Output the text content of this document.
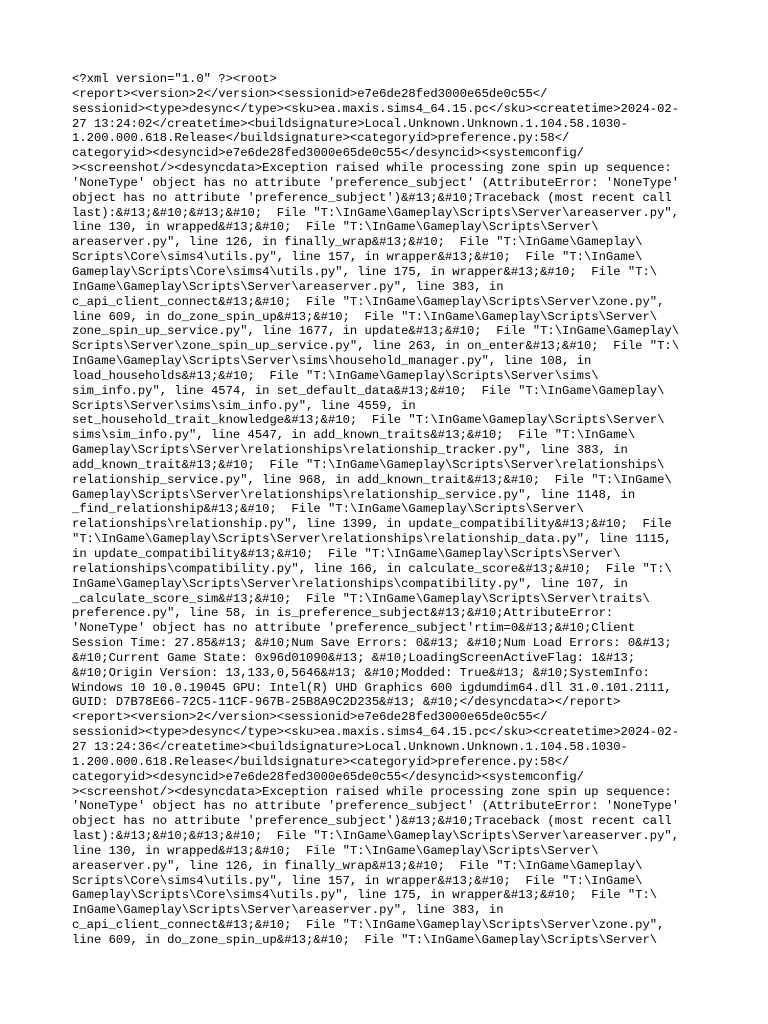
<?xml version="1.0" ?><root>
<report><version>2</version><sessionid>e7e6de28fed3000e65de0c55</
sessionid><type>desync</type><sku>ea.maxis.sims4_64.15.pc</sku><createtime>2024-02-
27 13:24:02</createtime><buildsignature>Local.Unknown.Unknown.1.104.58.1030-
1.200.000.618.Release</buildsignature><categoryid>preference.py:58</
categoryid><desyncid>e7e6de28fed3000e65de0c55</desyncid><systemconfig/
><screenshot/><desyncdata>Exception raised while processing zone spin up sequence:
'NoneType' object has no attribute 'preference_subject' (AttributeError: 'NoneType'
object has no attribute 'preference_subject')&#13;&#10;Traceback (most recent call
last):&#13;&#10;&#13;&#10;  File "T:\InGame\Gameplay\Scripts\Server\areaserver.py",
line 130, in wrapped&#13;&#10;  File "T:\InGame\Gameplay\Scripts\Server\
areaserver.py", line 126, in finally_wrap&#13;&#10;  File "T:\InGame\Gameplay\
Scripts\Core\sims4\utils.py", line 157, in wrapper&#13;&#10;  File "T:\InGame\
Gameplay\Scripts\Core\sims4\utils.py", line 175, in wrapper&#13;&#10;  File "T:\
InGame\Gameplay\Scripts\Server\areaserver.py", line 383, in
c_api_client_connect&#13;&#10;  File "T:\InGame\Gameplay\Scripts\Server\zone.py",
line 609, in do_zone_spin_up&#13;&#10;  File "T:\InGame\Gameplay\Scripts\Server\
zone_spin_up_service.py", line 1677, in update&#13;&#10;  File "T:\InGame\Gameplay\
Scripts\Server\zone_spin_up_service.py", line 263, in on_enter&#13;&#10;  File "T:\
InGame\Gameplay\Scripts\Server\sims\household_manager.py", line 108, in
load_households&#13;&#10;  File "T:\InGame\Gameplay\Scripts\Server\sims\
sim_info.py", line 4574, in set_default_data&#13;&#10;  File "T:\InGame\Gameplay\
Scripts\Server\sims\sim_info.py", line 4559, in
set_household_trait_knowledge&#13;&#10;  File "T:\InGame\Gameplay\Scripts\Server\
sims\sim_info.py", line 4547, in add_known_traits&#13;&#10;  File "T:\InGame\
Gameplay\Scripts\Server\relationships\relationship_tracker.py", line 383, in
add_known_trait&#13;&#10;  File "T:\InGame\Gameplay\Scripts\Server\relationships\
relationship_service.py", line 968, in add_known_trait&#13;&#10;  File "T:\InGame\
Gameplay\Scripts\Server\relationships\relationship_service.py", line 1148, in
_find_relationship&#13;&#10;  File "T:\InGame\Gameplay\Scripts\Server\
relationships\relationship.py", line 1399, in update_compatibility&#13;&#10;  File
"T:\InGame\Gameplay\Scripts\Server\relationships\relationship_data.py", line 1115,
in update_compatibility&#13;&#10;  File "T:\InGame\Gameplay\Scripts\Server\
relationships\compatibility.py", line 166, in calculate_score&#13;&#10;  File "T:\
InGame\Gameplay\Scripts\Server\relationships\compatibility.py", line 107, in
_calculate_score_sim&#13;&#10;  File "T:\InGame\Gameplay\Scripts\Server\traits\
preference.py", line 58, in is_preference_subject&#13;&#10;AttributeError:
'NoneType' object has no attribute 'preference_subject'rtim=0&#13;&#10;Client
Session Time: 27.85&#13; &#10;Num Save Errors: 0&#13; &#10;Num Load Errors: 0&#13;
&#10;Current Game State: 0x96d01090&#13; &#10;LoadingScreenActiveFlag: 1&#13;
&#10;Origin Version: 13,133,0,5646&#13; &#10;Modded: True&#13; &#10;SystemInfo:
Windows 10 10.0.19045 GPU: Intel(R) UHD Graphics 600 igdumdim64.dll 31.0.101.2111,
GUID: D7B78E66-72C5-11CF-967B-25B8A9C2D235&#13; &#10;</desyncdata></report>
<report><version>2</version><sessionid>e7e6de28fed3000e65de0c55</
sessionid><type>desync</type><sku>ea.maxis.sims4_64.15.pc</sku><createtime>2024-02-
27 13:24:36</createtime><buildsignature>Local.Unknown.Unknown.1.104.58.1030-
1.200.000.618.Release</buildsignature><categoryid>preference.py:58</
categoryid><desyncid>e7e6de28fed3000e65de0c55</desyncid><systemconfig/
><screenshot/><desyncdata>Exception raised while processing zone spin up sequence:
'NoneType' object has no attribute 'preference_subject' (AttributeError: 'NoneType'
object has no attribute 'preference_subject')&#13;&#10;Traceback (most recent call
last):&#13;&#10;&#13;&#10;  File "T:\InGame\Gameplay\Scripts\Server\areaserver.py",
line 130, in wrapped&#13;&#10;  File "T:\InGame\Gameplay\Scripts\Server\
areaserver.py", line 126, in finally_wrap&#13;&#10;  File "T:\InGame\Gameplay\
Scripts\Core\sims4\utils.py", line 157, in wrapper&#13;&#10;  File "T:\InGame\
Gameplay\Scripts\Core\sims4\utils.py", line 175, in wrapper&#13;&#10;  File "T:\
InGame\Gameplay\Scripts\Server\areaserver.py", line 383, in
c_api_client_connect&#13;&#10;  File "T:\InGame\Gameplay\Scripts\Server\zone.py",
line 609, in do_zone_spin_up&#13;&#10;  File "T:\InGame\Gameplay\Scripts\Server\
